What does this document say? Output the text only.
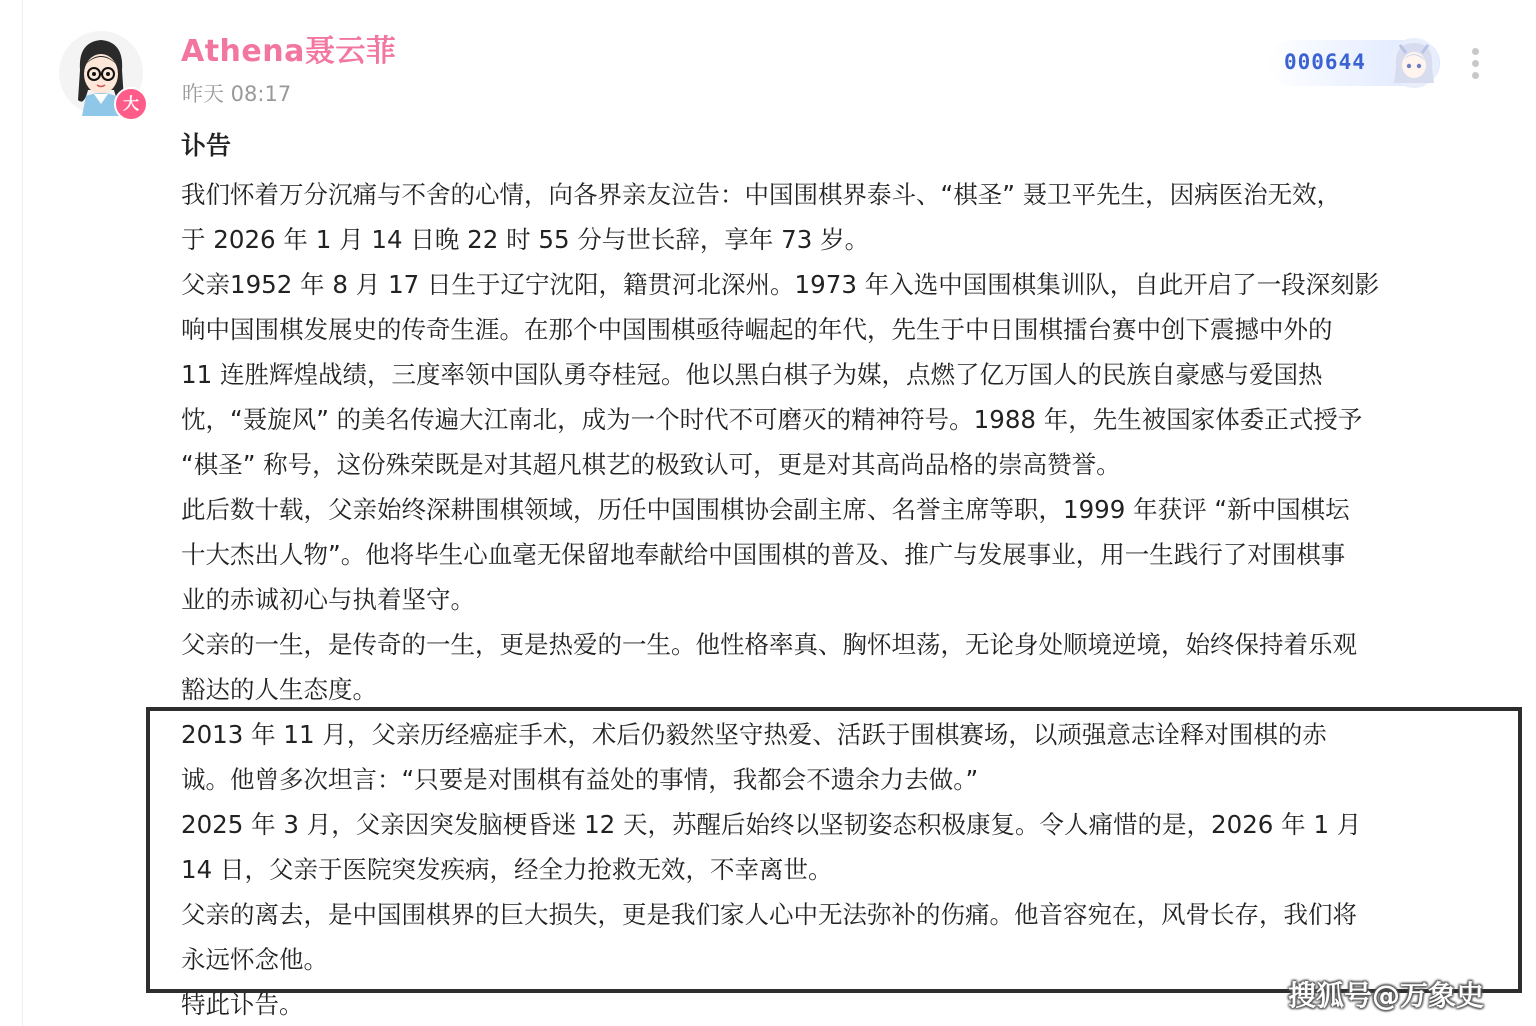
大
Athena聂云菲
昨天 08:17
000644
讣告
我们怀着万分沉痛与不舍的心情，向各界亲友泣告：中国围棋界泰斗、“棋圣” 聂卫平先生，因病医治无效，
于 2026 年 1 月 14 日晚 22 时 55 分与世长辞，享年 73 岁。
父亲1952 年 8 月 17 日生于辽宁沈阳，籍贯河北深州。1973 年入选中国围棋集训队，自此开启了一段深刻影
响中国围棋发展史的传奇生涯。在那个中国围棋亟待崛起的年代，先生于中日围棋擂台赛中创下震撼中外的
11 连胜辉煌战绩，三度率领中国队勇夺桂冠。他以黑白棋子为媒，点燃了亿万国人的民族自豪感与爱国热
忱，“聂旋风” 的美名传遍大江南北，成为一个时代不可磨灭的精神符号。1988 年，先生被国家体委正式授予
“棋圣” 称号，这份殊荣既是对其超凡棋艺的极致认可，更是对其高尚品格的崇高赞誉。
此后数十载，父亲始终深耕围棋领域，历任中国围棋协会副主席、名誉主席等职，1999 年获评 “新中国棋坛
十大杰出人物”。他将毕生心血毫无保留地奉献给中国围棋的普及、推广与发展事业，用一生践行了对围棋事
业的赤诚初心与执着坚守。
父亲的一生，是传奇的一生，更是热爱的一生。他性格率真、胸怀坦荡，无论身处顺境逆境，始终保持着乐观
豁达的人生态度。
2013 年 11 月，父亲历经癌症手术，术后仍毅然坚守热爱、活跃于围棋赛场，以顽强意志诠释对围棋的赤
诚。他曾多次坦言：“只要是对围棋有益处的事情，我都会不遗余力去做。”
2025 年 3 月，父亲因突发脑梗昏迷 12 天，苏醒后始终以坚韧姿态积极康复。令人痛惜的是，2026 年 1 月
14 日，父亲于医院突发疾病，经全力抢救无效，不幸离世。
父亲的离去，是中国围棋界的巨大损失，更是我们家人心中无法弥补的伤痛。他音容宛在，风骨长存，我们将
永远怀念他。
特此讣告。	搜狐号@万象史
